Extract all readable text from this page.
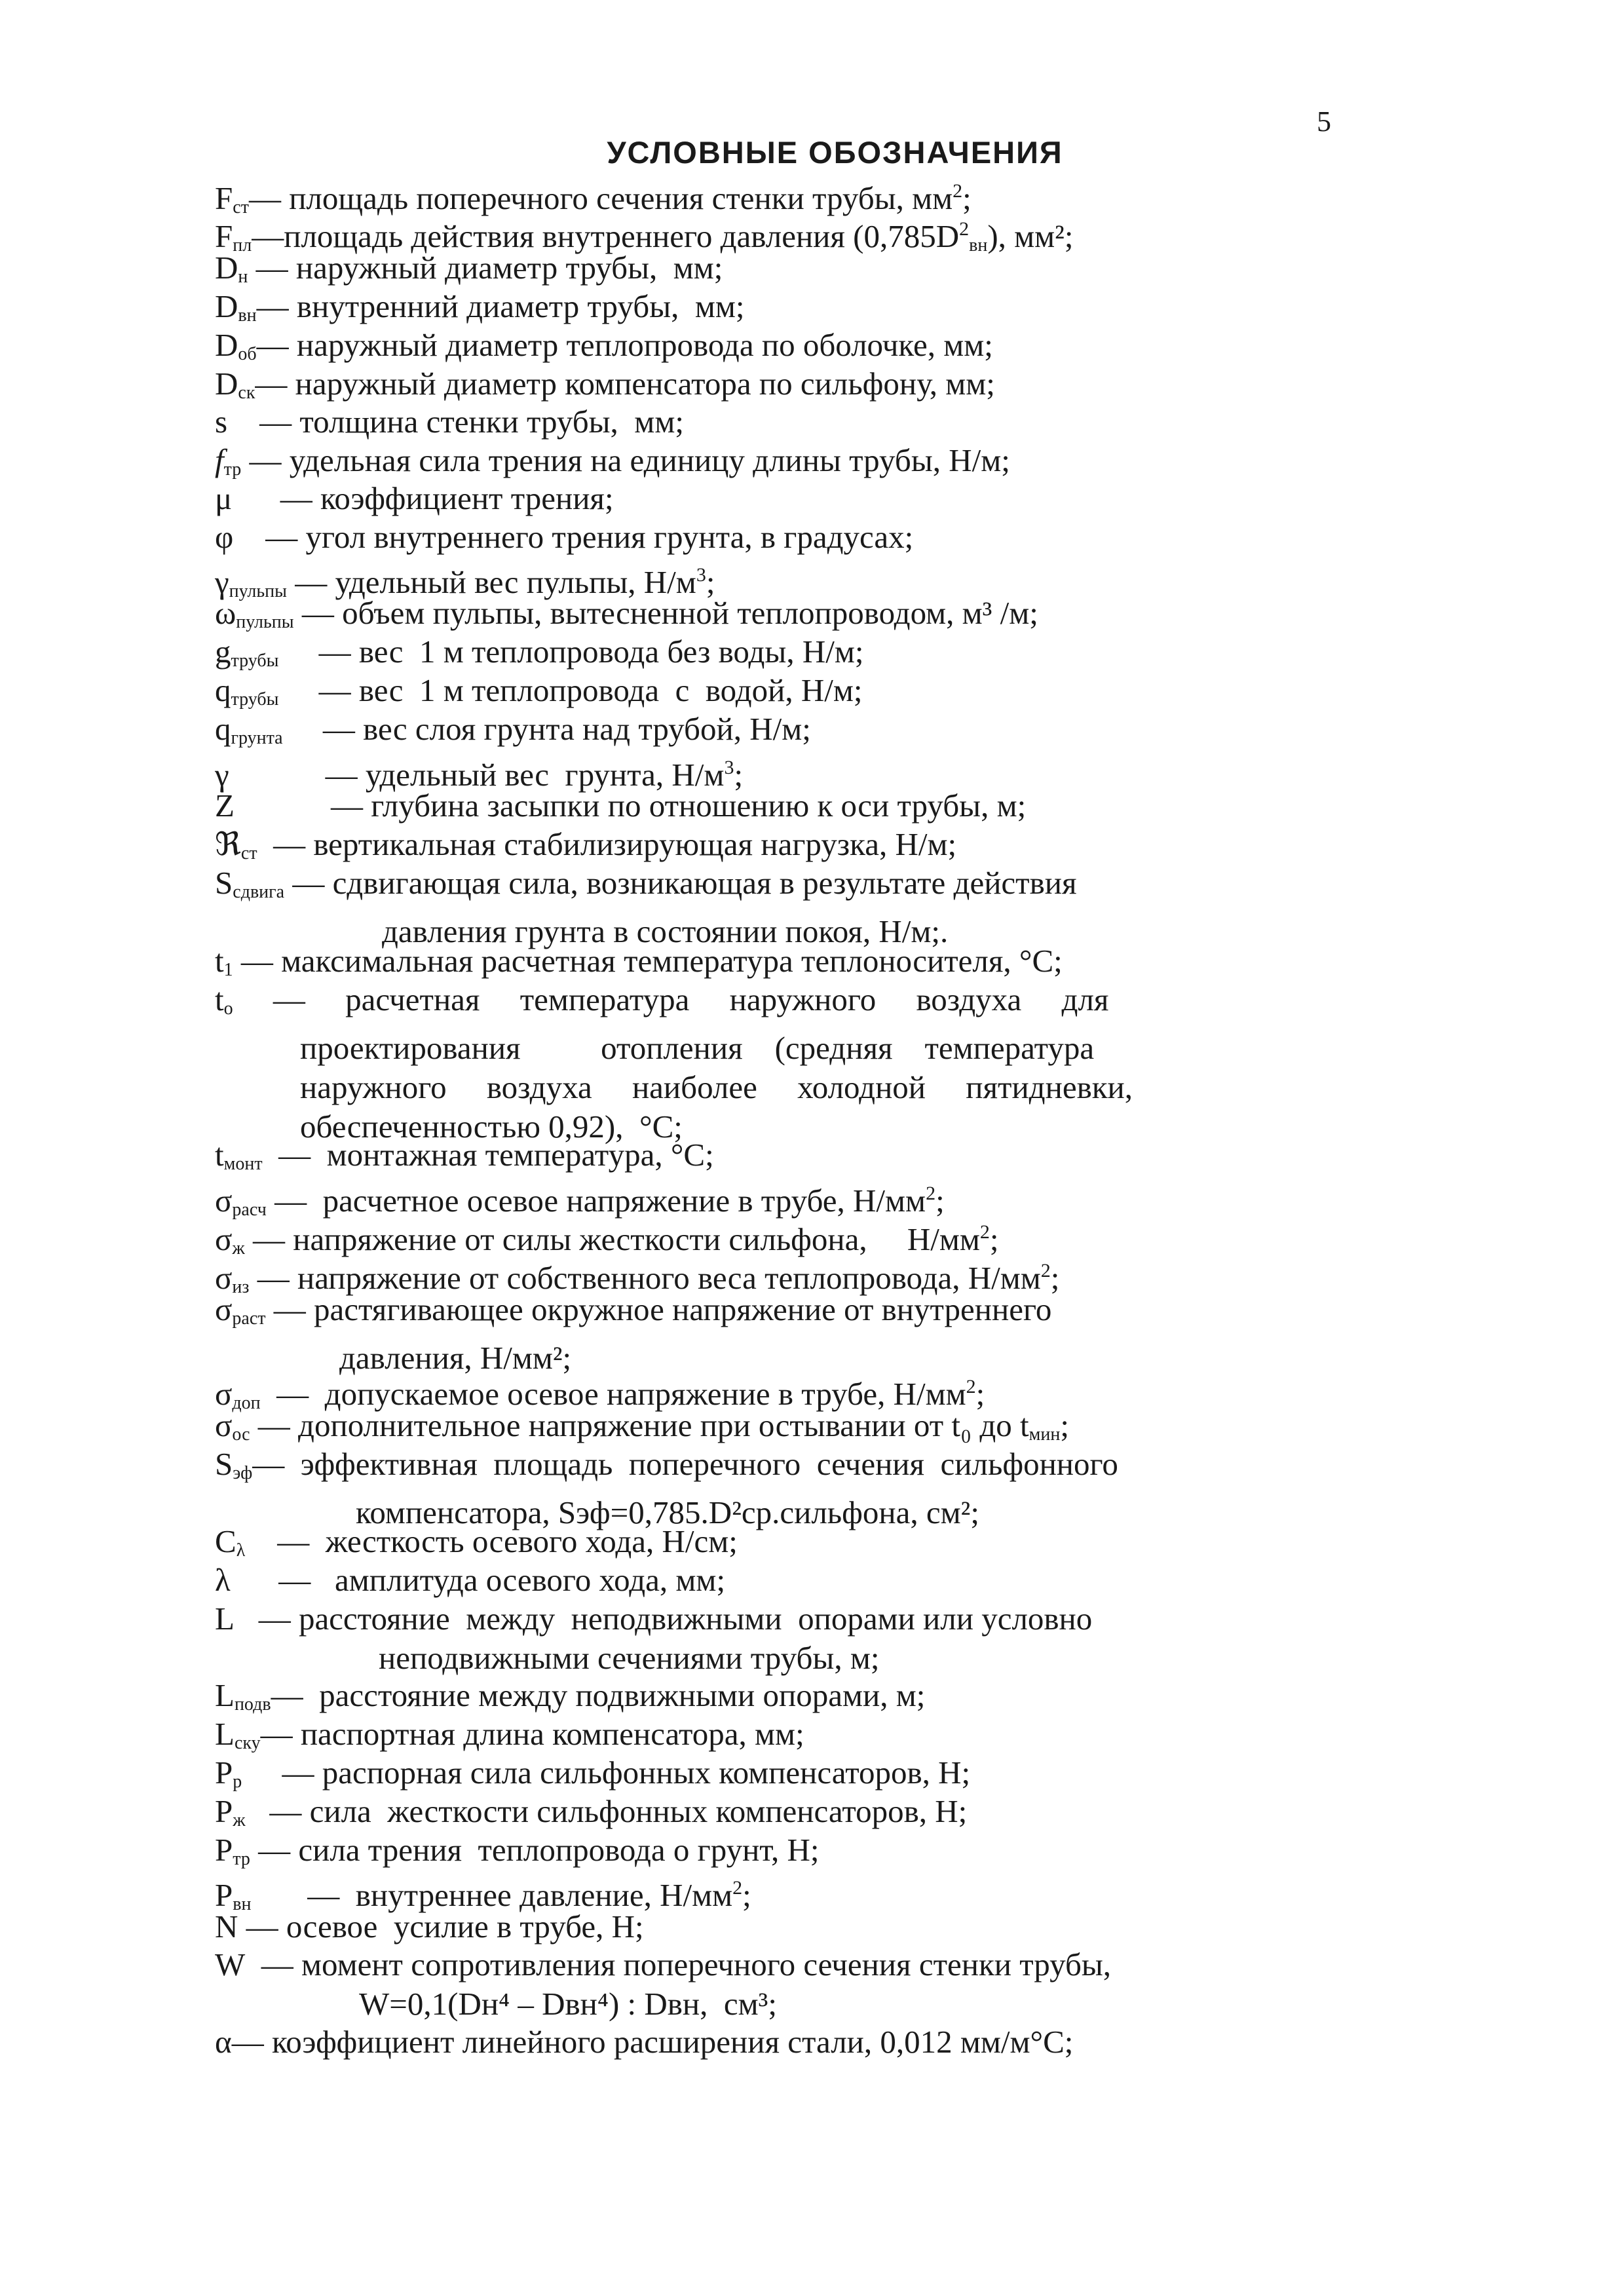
5
УСЛОВНЫЕ ОБОЗНАЧЕНИЯ
$F_{ст}—$ площадь поперечного сечения стенки трубы, $мм^2$;
$F_{пл}—площадь$ действия внутреннего давления $(0,785D^2_{вн})$, мм²;
$D_н$ — наружный диаметр трубы,  мм;
$D_{вн}—$ внутренний диаметр трубы,  мм;
$D_{об}—$ наружный диаметр теплопровода по оболочке, мм;
$D_{ск}—$ наружный диаметр компенсатора по сильфону, мм;
s    — толщина стенки трубы,  мм;
$f_{тр}$ — удельная сила трения на единицу длины трубы, Н/м;
μ      — коэффициент трения;
φ    — угол внутреннего трения грунта, в градусах;
$\gamma_{пульпы}$ — удельный вес пульпы, $Н/м^3$;
$\omega_{пульпы}$ — объем пульпы, вытесненной теплопроводом, м³ /м;
$g_{трубы}$     — вес  1 м теплопровода без воды, Н/м;
$q_{трубы}$     — вес  1 м теплопровода  с  водой, Н/м;
$q_{грунта}$     — вес слоя грунта над трубой, Н/м;
γ            — удельный вес  грунта, $Н/м^3$;
Z            — глубина засыпки по отношению к оси трубы, м;
ℜ$_{ст}$  — вертикальная стабилизирующая нагрузка, Н/м;
$S_{сдвига}$ — сдвигающая сила, возникающая в результате действия
давления грунта в состоянии покоя, Н/м;.
$t_1$ — максимальная расчетная температура теплоносителя, °С;
$t_о$     —     расчетная     температура     наружного     воздуха     для
проектирования          отопления    (средняя    температура
наружного     воздуха     наиболее     холодной     пятидневки,
обеспеченностью 0,92),  °С;
$t_{монт}$  —  монтажная температура, °С;
$\sigma_{расч}$ —  расчетное осевое напряжение в трубе, $Н/мм^2$;
$\sigma_ж$ — напряжение от силы жесткости сильфона,     $Н/мм^2$;
$\sigma_{из}$ — напряжение от собственного веса теплопровода, $Н/мм^2$;
$\sigma_{раст}$ — растягивающее окружное напряжение от внутреннего
давления, Н/мм²;
$\sigma_{доп}$  —  допускаемое осевое напряжение в трубе, $Н/мм^2$;
$\sigma_{ос}$ — дополнительное напряжение при остывании от t₀ до $t_{мин}$;
$S_{эф}—$  эффективная  площадь  поперечного  сечения  сильфонного
компенсатора, Sэф=0,785.D²ср.сильфона, см²;
$C_\lambda$    —  жесткость осевого хода, Н/см;
λ      —   амплитуда осевого хода, мм;
L   — расстояние  между  неподвижными  опорами или условно
неподвижными сечениями трубы, м;
$L_{подв}—$  расстояние между подвижными опорами, м;
$L_{ску}—$ паспортная длина компенсатора, мм;
$P_р$     — распорная сила сильфонных компенсаторов, Н;
$P_ж$   — сила  жесткости сильфонных компенсаторов, Н;
$P_{тр}$ — сила трения  теплопровода о грунт, Н;
$P_{вн}$       —  внутреннее давление, $Н/мм^2$;
N — осевое  усилие в трубе, Н;
W  — момент сопротивления поперечного сечения стенки трубы,
W=0,1(Dн⁴ – Dвн⁴) : Dвн,  см³;
α— коэффициент линейного расширения стали, 0,012 мм/м°С;
